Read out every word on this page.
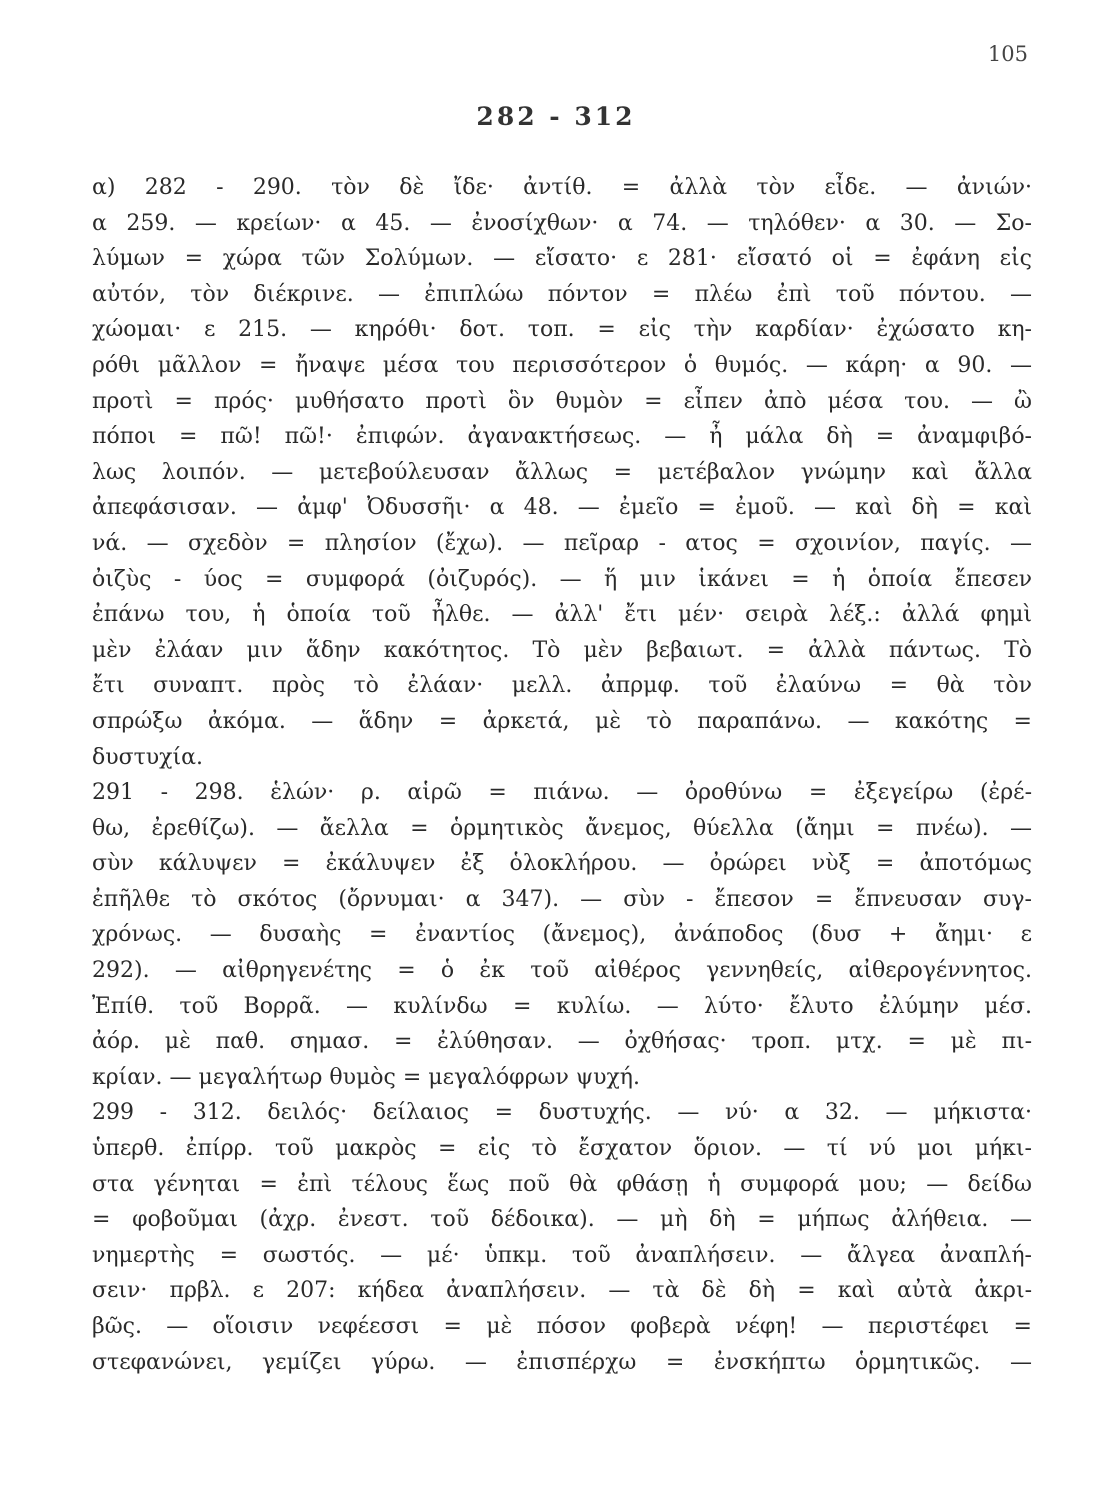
105
282 - 312
α) 282 - 290. τὸν δὲ ἴδε· ἀντίθ. = ἀλλὰ τὸν εἶδε. — ἀνιών·
α 259. — κρείων· α 45. — ἐνοσίχθων· α 74. — τηλόθεν· α 30. — Σο-
λύμων = χώρα τῶν Σολύμων. — εἴσατο· ε 281· εἴσατό οἱ = ἐφάνη εἰς
αὐτόν, τὸν διέκρινε. — ἐπιπλώω πόντον = πλέω ἐπὶ τοῦ πόντου. —
χώομαι· ε 215. — κηρόθι· δοτ. τοπ. = εἰς τὴν καρδίαν· ἐχώσατο κη-
ρόθι μᾶλλον = ἤναψε μέσα του περισσότερον ὁ θυμός. — κάρη· α 90. —
προτὶ = πρός· μυθήσατο προτὶ ὃν θυμὸν = εἶπεν ἀπὸ μέσα του. — ὢ
πόποι = πῶ! πῶ!· ἐπιφών. ἀγανακτήσεως. — ἦ μάλα δὴ = ἀναμφιβό-
λως λοιπόν. — μετεβούλευσαν ἄλλως = μετέβαλον γνώμην καὶ ἄλλα
ἀπεφάσισαν. — ἀμφ' Ὀδυσσῆι· α 48. — ἐμεῖο = ἐμοῦ. — καὶ δὴ = καὶ
νά. — σχεδὸν = πλησίον (ἔχω). — πεῖραρ - ατος = σχοινίον, παγίς. —
ὀιζὺς - ύος = συμφορά (ὀιζυρός). — ἥ μιν ἱκάνει = ἡ ὁποία ἔπεσεν
ἐπάνω του, ἡ ὁποία τοῦ ἦλθε. — ἀλλ' ἔτι μέν· σειρὰ λέξ.: ἀλλά φημὶ
μὲν ἐλάαν μιν ἅδην κακότητος. Τὸ μὲν βεβαιωτ. = ἀλλὰ πάντως. Τὸ
ἔτι συναπτ. πρὸς τὸ ἐλάαν· μελλ. ἀπρμφ. τοῦ ἐλαύνω = θὰ τὸν
σπρώξω ἀκόμα. — ἅδην = ἀρκετά, μὲ τὸ παραπάνω. — κακότης =
δυστυχία.
291 - 298. ἑλών· ρ. αἱρῶ = πιάνω. — ὀροθύνω = ἐξεγείρω (ἐρέ-
θω, ἐρεθίζω). — ἄελλα = ὁρμητικὸς ἄνεμος, θύελλα (ἄημι = πνέω). —
σὺν κάλυψεν = ἐκάλυψεν ἐξ ὁλοκλήρου. — ὀρώρει νὺξ = ἀποτόμως
ἐπῆλθε τὸ σκότος (ὄρνυμαι· α 347). — σὺν - ἔπεσον = ἔπνευσαν συγ-
χρόνως. — δυσαὴς = ἐναντίος (ἄνεμος), ἀνάποδος (δυσ + ἄημι· ε
292). — αἰθρηγενέτης = ὁ ἐκ τοῦ αἰθέρος γεννηθείς, αἰθερογέννητος.
Ἐπίθ. τοῦ Βορρᾶ. — κυλίνδω = κυλίω. — λύτο· ἔλυτο ἐλύμην μέσ.
ἀόρ. μὲ παθ. σημασ. = ἐλύθησαν. — ὀχθήσας· τροπ. μτχ. = μὲ πι-
κρίαν. — μεγαλήτωρ θυμὸς = μεγαλόφρων ψυχή.
299 - 312. δειλός· δείλαιος = δυστυχής. — νύ· α 32. — μήκιστα·
ὑπερθ. ἐπίρρ. τοῦ μακρὸς = εἰς τὸ ἔσχατον ὅριον. — τί νύ μοι μήκι-
στα γένηται = ἐπὶ τέλους ἕως ποῦ θὰ φθάσῃ ἡ συμφορά μου; — δείδω
= φοβοῦμαι (ἀχρ. ἐνεστ. τοῦ δέδοικα). — μὴ δὴ = μήπως ἀλήθεια. —
νημερτὴς = σωστός. — μέ· ὑπκμ. τοῦ ἀναπλήσειν. — ἄλγεα ἀναπλή-
σειν· πρβλ. ε 207: κήδεα ἀναπλήσειν. — τὰ δὲ δὴ = καὶ αὐτὰ ἀκρι-
βῶς. — οἵοισιν νεφέεσσι = μὲ πόσον φοβερὰ νέφη! — περιστέφει =
στεφανώνει, γεμίζει γύρω. — ἐπισπέρχω = ἐνσκήπτω ὁρμητικῶς. —
